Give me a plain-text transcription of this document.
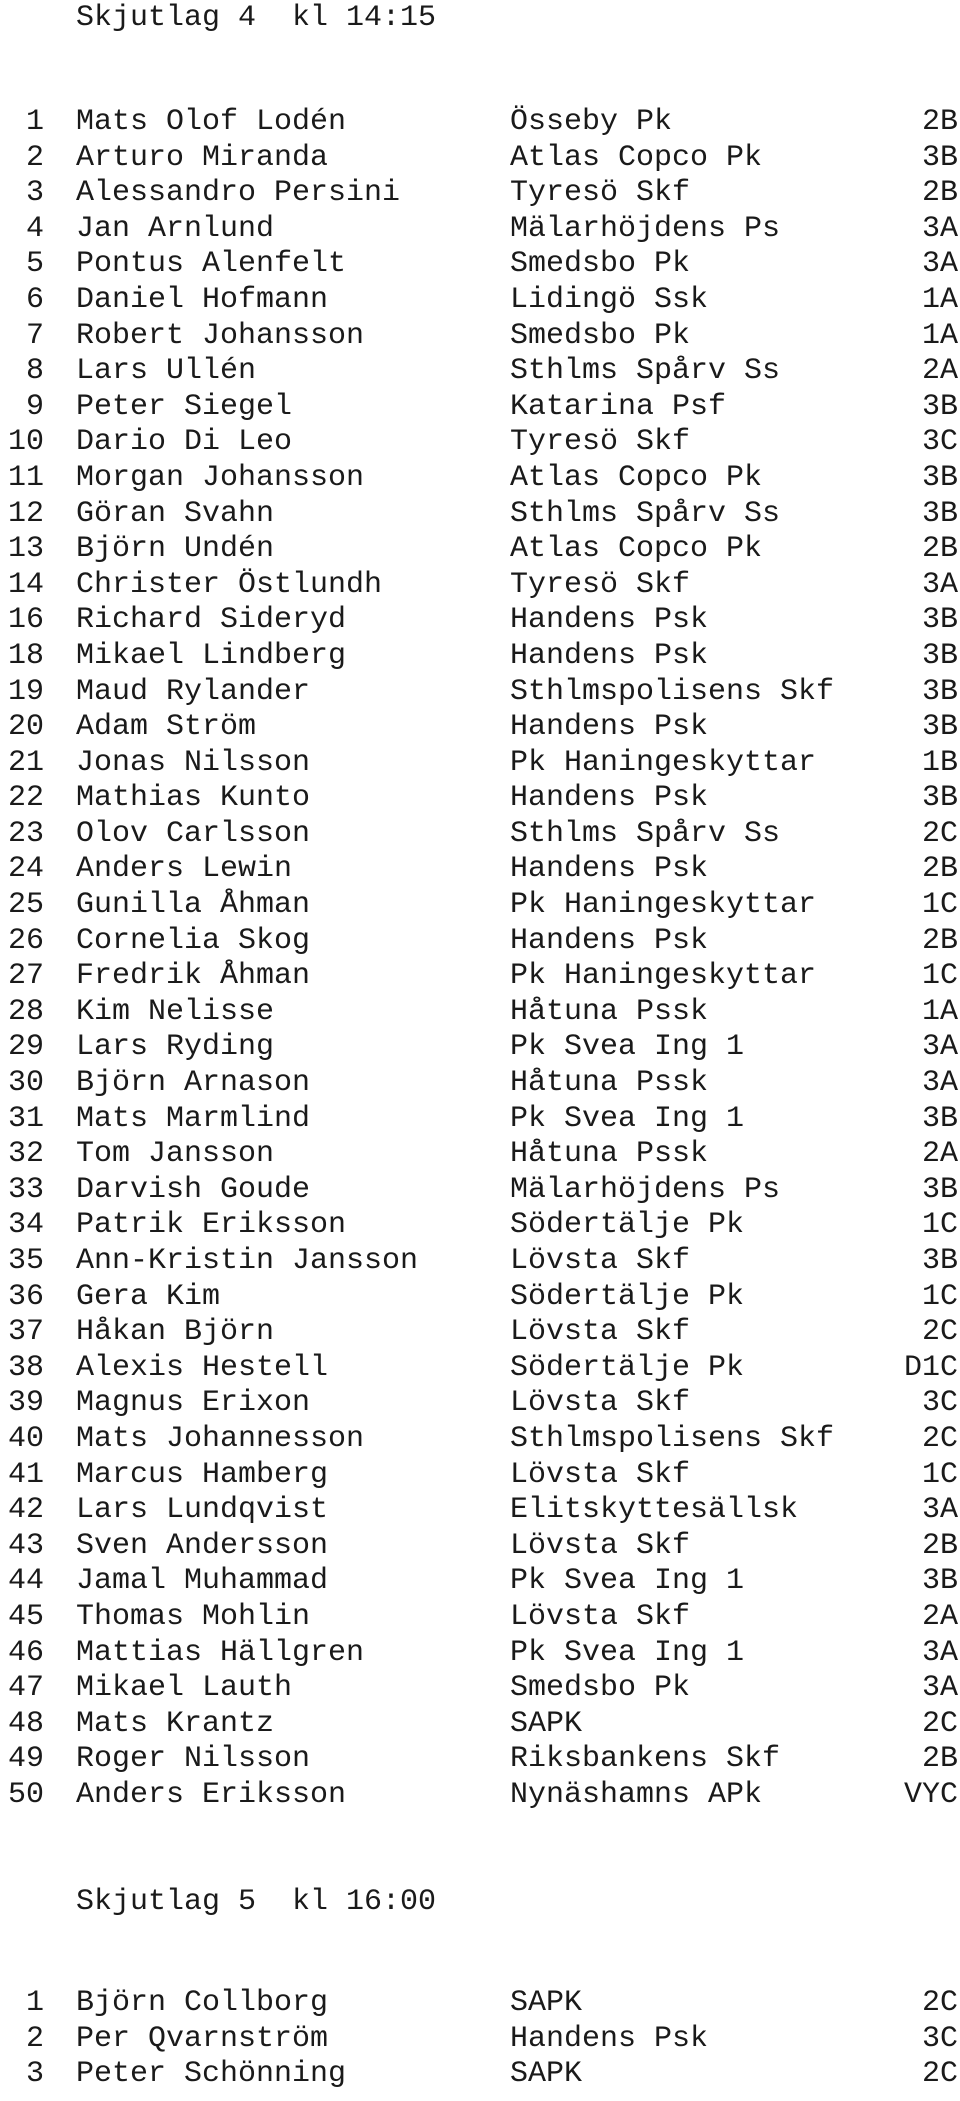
Skjutlag 4  kl 14:15
1 Mats Olof Lodén	Össeby Pk	2B
2 Arturo Miranda	Atlas Copco Pk	3B
3 Alessandro Persini	Tyresö Skf	2B
4 Jan Arnlund	Mälarhöjdens Ps	3A
5 Pontus Alenfelt	Smedsbo Pk	3A
6 Daniel Hofmann	Lidingö Ssk	1A
7 Robert Johansson	Smedsbo Pk	1A
8 Lars Ullén	Sthlms Spårv Ss	2A
9 Peter Siegel	Katarina Psf	3B
10 Dario Di Leo	Tyresö Skf	3C
11 Morgan Johansson	Atlas Copco Pk	3B
12 Göran Svahn	Sthlms Spårv Ss	3B
13 Björn Undén	Atlas Copco Pk	2B
14 Christer Östlundh	Tyresö Skf	3A
16 Richard Sideryd	Handens Psk	3B
18 Mikael Lindberg	Handens Psk	3B
19 Maud Rylander	Sthlmspolisens Skf	3B
20 Adam Ström	Handens Psk	3B
21 Jonas Nilsson	Pk Haningeskyttar	1B
22 Mathias Kunto	Handens Psk	3B
23 Olov Carlsson	Sthlms Spårv Ss	2C
24 Anders Lewin	Handens Psk	2B
25 Gunilla Åhman	Pk Haningeskyttar	1C
26 Cornelia Skog	Handens Psk	2B
27 Fredrik Åhman	Pk Haningeskyttar	1C
28 Kim Nelisse	Håtuna Pssk	1A
29 Lars Ryding	Pk Svea Ing 1	3A
30 Björn Arnason	Håtuna Pssk	3A
31 Mats Marmlind	Pk Svea Ing 1	3B
32 Tom Jansson	Håtuna Pssk	2A
33 Darvish Goude	Mälarhöjdens Ps	3B
34 Patrik Eriksson	Södertälje Pk	1C
35 Ann-Kristin Jansson	Lövsta Skf	3B
36 Gera Kim	Södertälje Pk	1C
37 Håkan Björn	Lövsta Skf	2C
38 Alexis Hestell	Södertälje Pk	D1C
39 Magnus Erixon	Lövsta Skf	3C
40 Mats Johannesson	Sthlmspolisens Skf	2C
41 Marcus Hamberg	Lövsta Skf	1C
42 Lars Lundqvist	Elitskyttesällsk	3A
43 Sven Andersson	Lövsta Skf	2B
44 Jamal Muhammad	Pk Svea Ing 1	3B
45 Thomas Mohlin	Lövsta Skf	2A
46 Mattias Hällgren	Pk Svea Ing 1	3A
47 Mikael Lauth	Smedsbo Pk	3A
48 Mats Krantz	SAPK	2C
49 Roger Nilsson	Riksbankens Skf	2B
50 Anders Eriksson	Nynäshamns APk	VYC
Skjutlag 5  kl 16:00
1 Björn Collborg	SAPK	2C
2 Per Qvarnström	Handens Psk	3C
3 Peter Schönning	SAPK	2C
